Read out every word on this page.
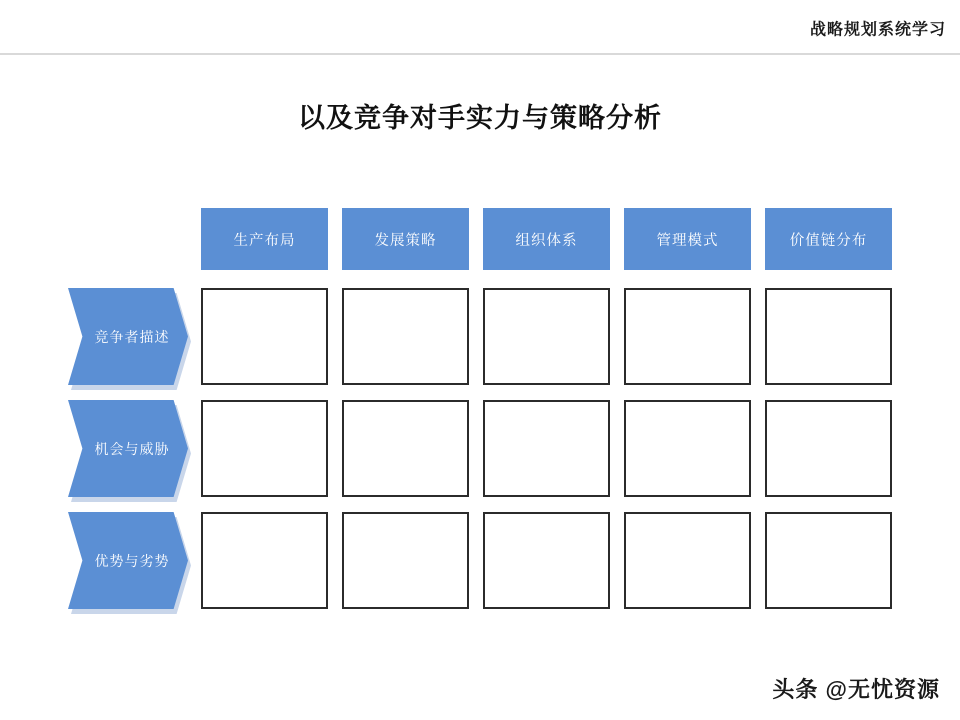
战略规划系统学习
以及竞争对手实力与策略分析
生产布局	发展策略	组织体系	管理模式	价值链分布
竞争者描述
机会与威胁
优势与劣势
头条 @无忧资源
